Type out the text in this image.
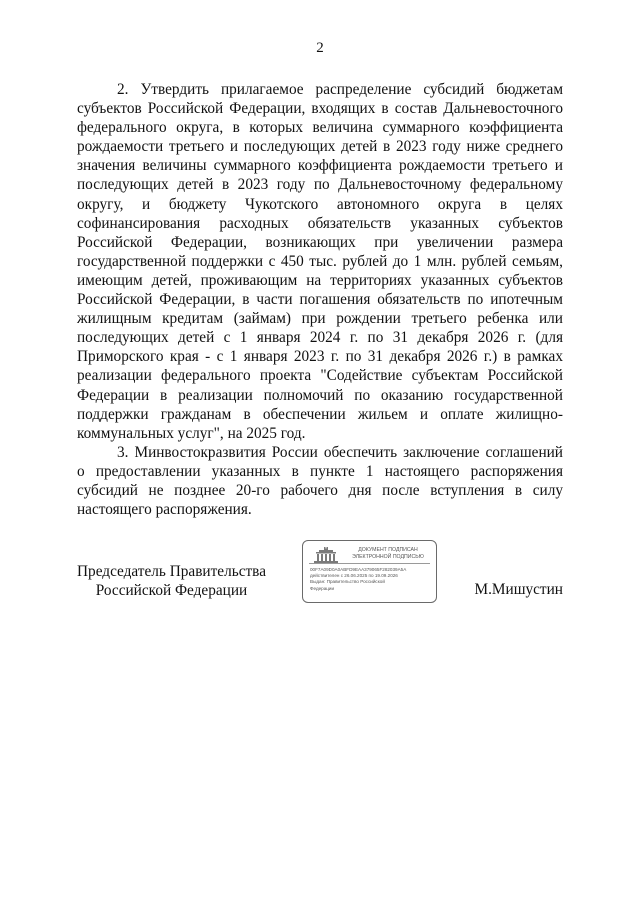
2

2. Утвердить прилагаемое распределение субсидий бюджетам субъектов Российской Федерации, входящих в состав Дальневосточного федерального округа, в которых величина суммарного коэффициента рождаемости третьего и последующих детей в 2023 году ниже среднего значения величины суммарного коэффициента рождаемости третьего и последующих детей в 2023 году по Дальневосточному федеральному округу, и бюджету Чукотского автономного округа в целях софинансирования расходных обязательств указанных субъектов Российской Федерации, возникающих при увеличении размера государственной поддержки с 450 тыс. рублей до 1 млн. рублей семьям, имеющим детей, проживающим на территориях указанных субъектов Российской Федерации, в части погашения обязательств по ипотечным жилищным кредитам (займам) при рождении третьего ребенка или последующих детей с 1 января 2024 г. по 31 декабря 2026 г. (для Приморского края - с 1 января 2023 г. по 31 декабря 2026 г.) в рамках реализации федерального проекта "Содействие субъектам Российской Федерации в реализации полномочий по оказанию государственной поддержки гражданам в обеспечении жильем и оплате жилищно-коммунальных услуг", на 2025 год.

3. Минвостокразвития России обеспечить заключение соглашений о предоставлении указанных в пункте 1 настоящего распоряжения субсидий не позднее 20-го рабочего дня после вступления в силу настоящего распоряжения.

Председатель Правительства
Российской Федерации
ДОКУМЕНТ ПОДПИСАН
ЭЛЕКТРОННОЙ ПОДПИСЬЮ
00F7A09D0A0ABFD9EAA379065F282039A5A
действителен с 26.06.2025 по 19.09.2026
Выдан: Правительство Российской
Федерации	М.Мишустин
